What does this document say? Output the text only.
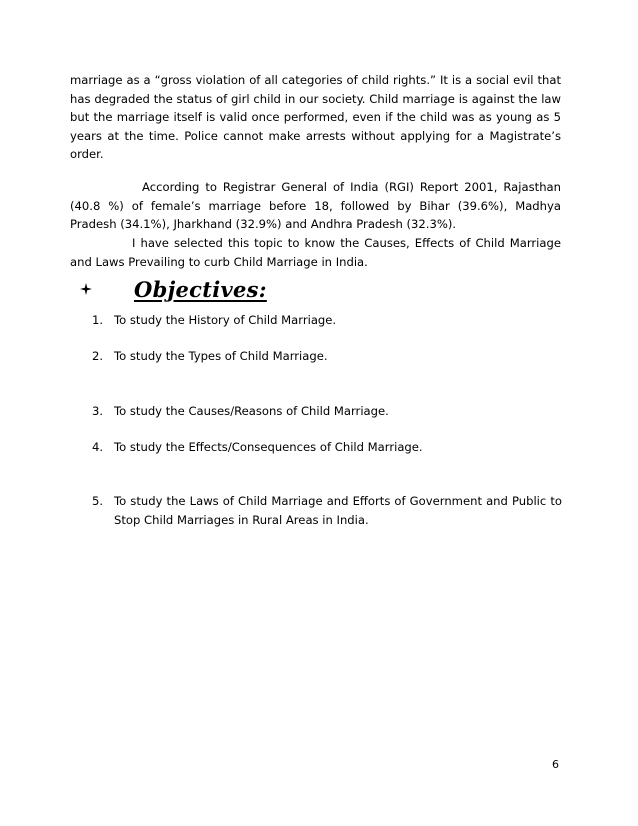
marriage as a “gross violation of all categories of child rights.” It is a social evil that has degraded the status of girl child in our society. Child marriage is against the law but the marriage itself is valid once performed, even if the child was as young as 5 years at the time. Police cannot make arrests without applying for a Magistrate’s order.

According to Registrar General of India (RGI) Report 2001, Rajasthan (40.8 %) of female’s marriage before 18, followed by Bihar (39.6%), Madhya Pradesh (34.1%), Jharkhand (32.9%) and Andhra Pradesh (32.3%).

I have selected this topic to know the Causes, Effects of Child Marriage and Laws Prevailing to curb Child Marriage in India.

Objectives:
1. To study the History of Child Marriage.
2. To study the Types of Child Marriage.
3. To study the Causes/Reasons of Child Marriage.
4. To study the Effects/Consequences of Child Marriage.
5. To study the Laws of Child Marriage and Efforts of Government and Public to Stop Child Marriages in Rural Areas in India.
6
